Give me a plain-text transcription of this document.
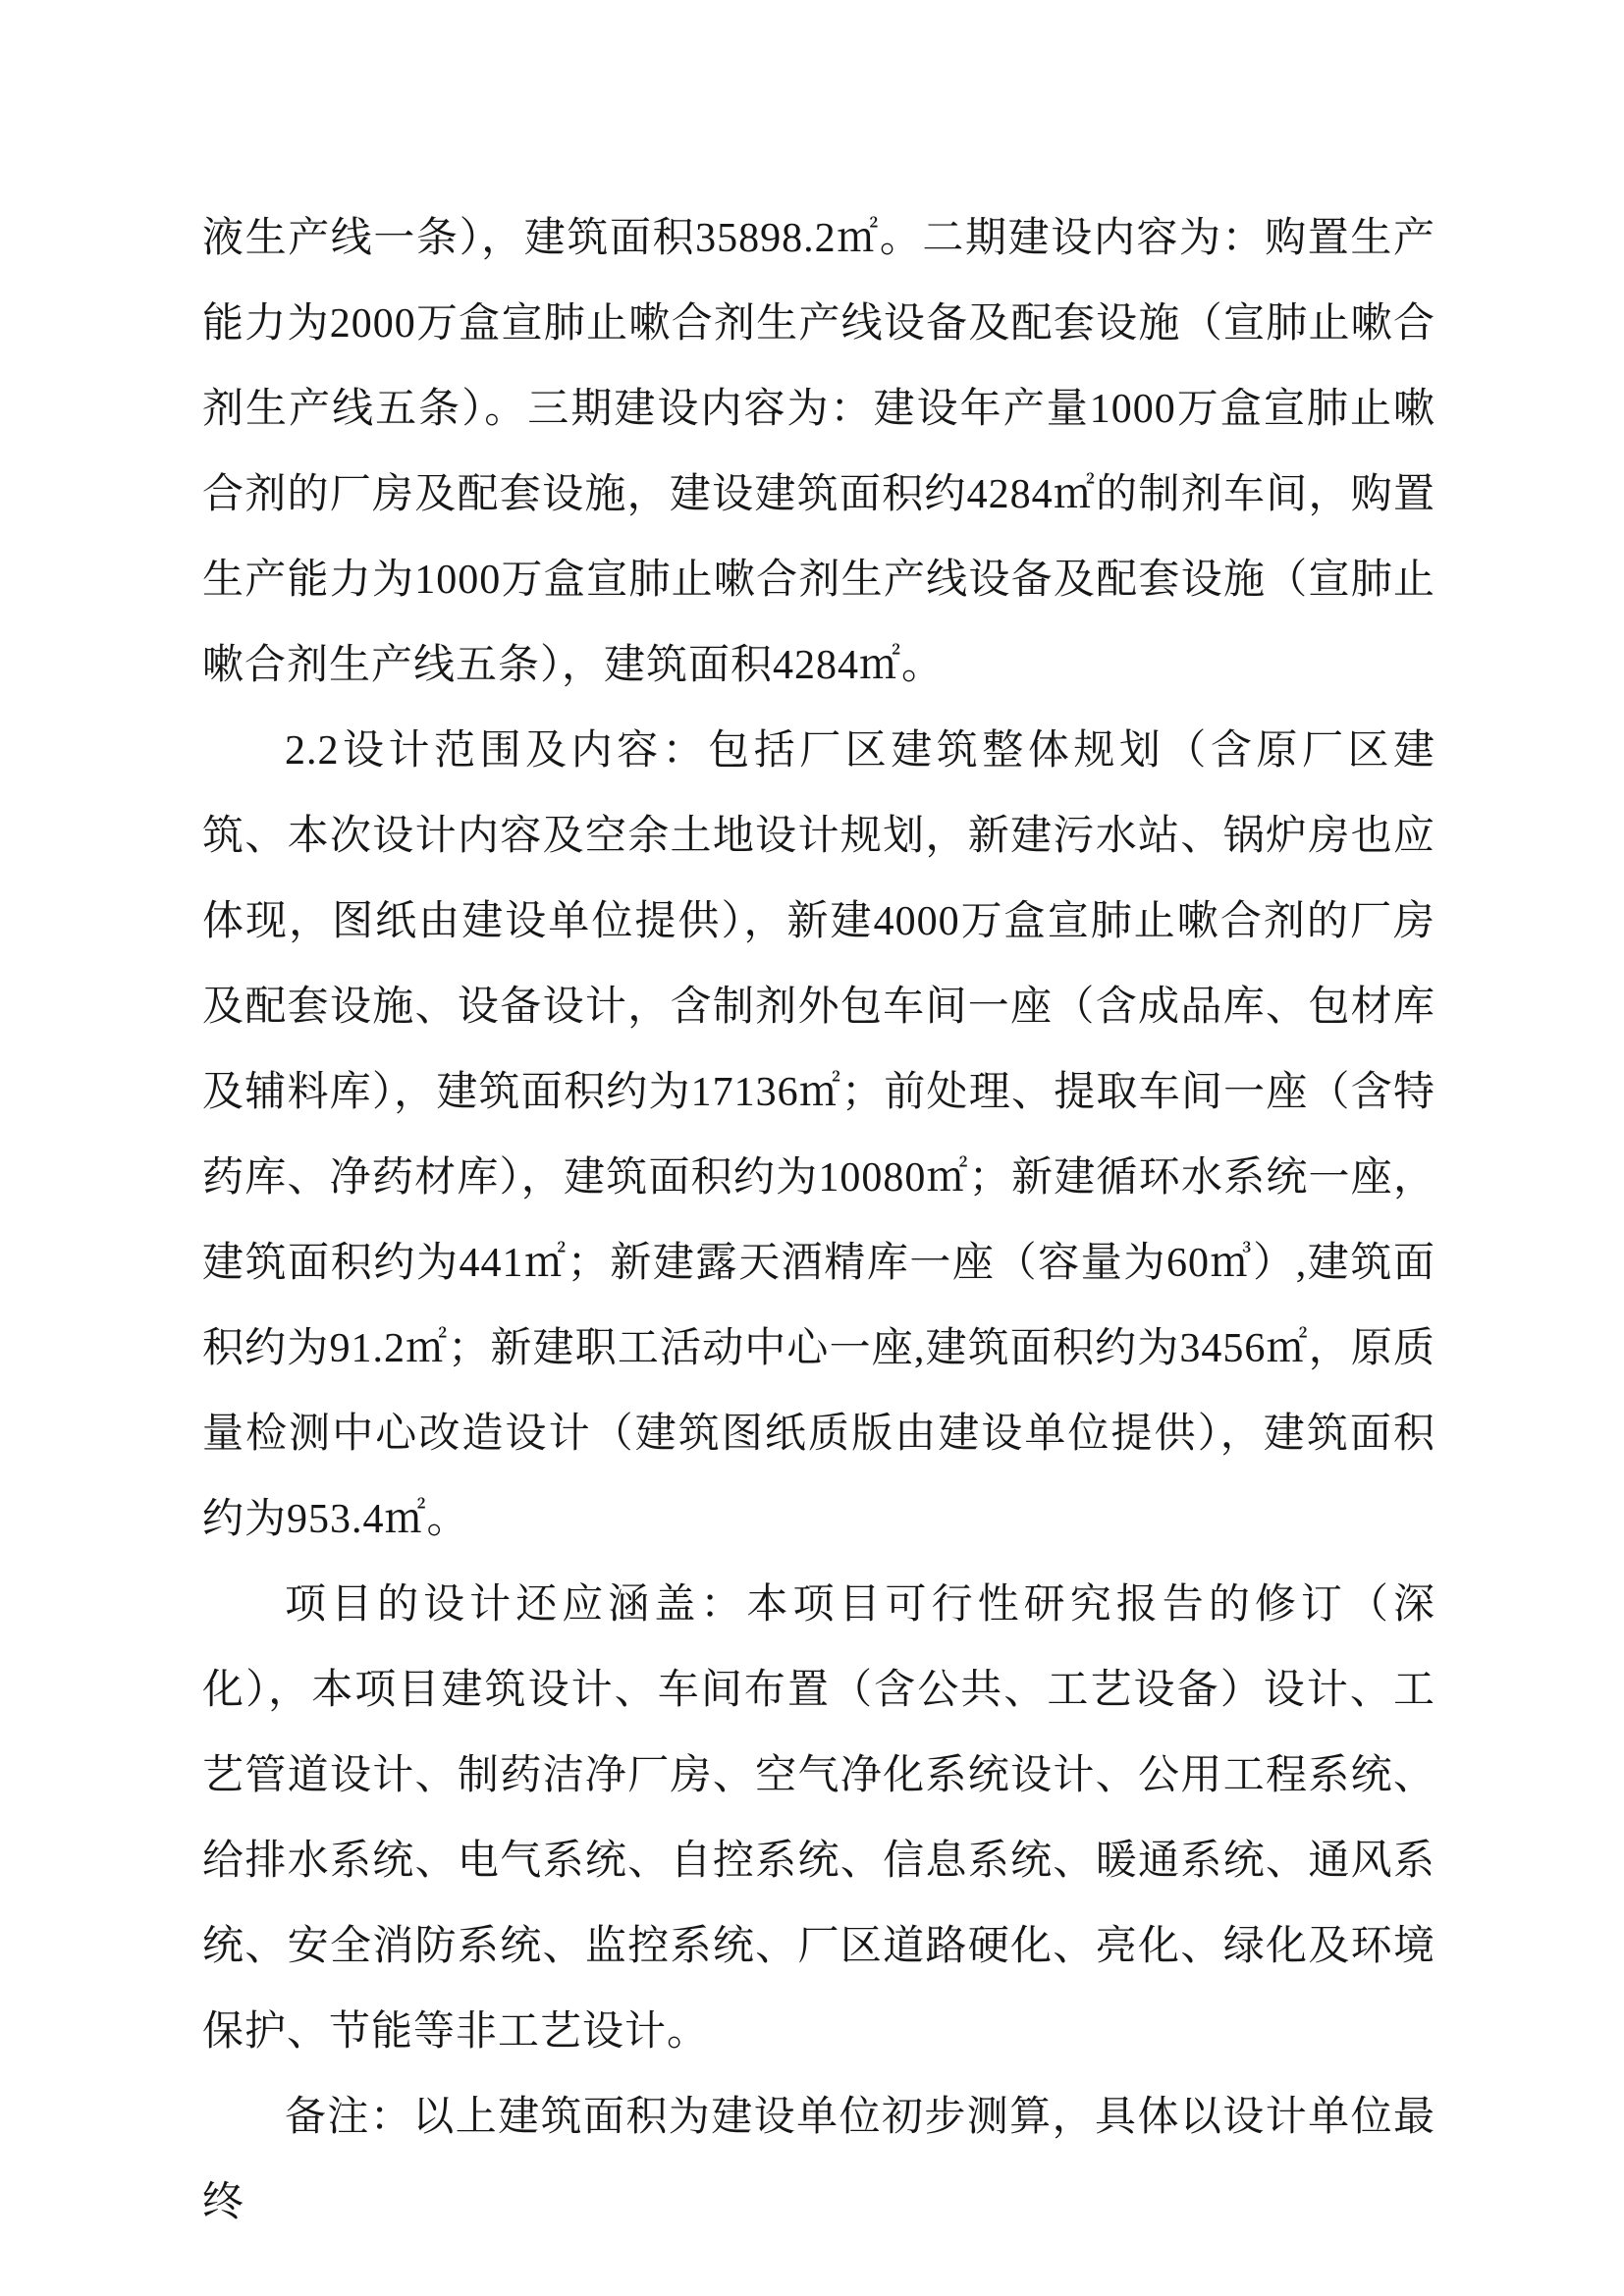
液生产线一条），建筑面积35898.2㎡。二期建设内容为：购置生产能力为2000万盒宣肺止嗽合剂生产线设备及配套设施（宣肺止嗽合剂生产线五条）。三期建设内容为：建设年产量1000万盒宣肺止嗽合剂的厂房及配套设施，建设建筑面积约4284㎡的制剂车间，购置生产能力为1000万盒宣肺止嗽合剂生产线设备及配套设施（宣肺止嗽合剂生产线五条），建筑面积4284㎡。

2.2设计范围及内容：包括厂区建筑整体规划（含原厂区建筑、本次设计内容及空余土地设计规划，新建污水站、锅炉房也应体现，图纸由建设单位提供），新建4000万盒宣肺止嗽合剂的厂房及配套设施、设备设计，含制剂外包车间一座（含成品库、包材库及辅料库），建筑面积约为17136㎡；前处理、提取车间一座（含特药库、净药材库），建筑面积约为10080㎡；新建循环水系统一座，建筑面积约为441㎡；新建露天酒精库一座（容量为60㎥）,建筑面积约为91.2㎡；新建职工活动中心一座,建筑面积约为3456㎡，原质量检测中心改造设计（建筑图纸质版由建设单位提供），建筑面积约为953.4㎡。

项目的设计还应涵盖：本项目可行性研究报告的修订（深化），本项目建筑设计、车间布置（含公共、工艺设备）设计、工艺管道设计、制药洁净厂房、空气净化系统设计、公用工程系统、给排水系统、电气系统、自控系统、信息系统、暖通系统、通风系统、安全消防系统、监控系统、厂区道路硬化、亮化、绿化及环境保护、节能等非工艺设计。

备注：以上建筑面积为建设单位初步测算，具体以设计单位最终
